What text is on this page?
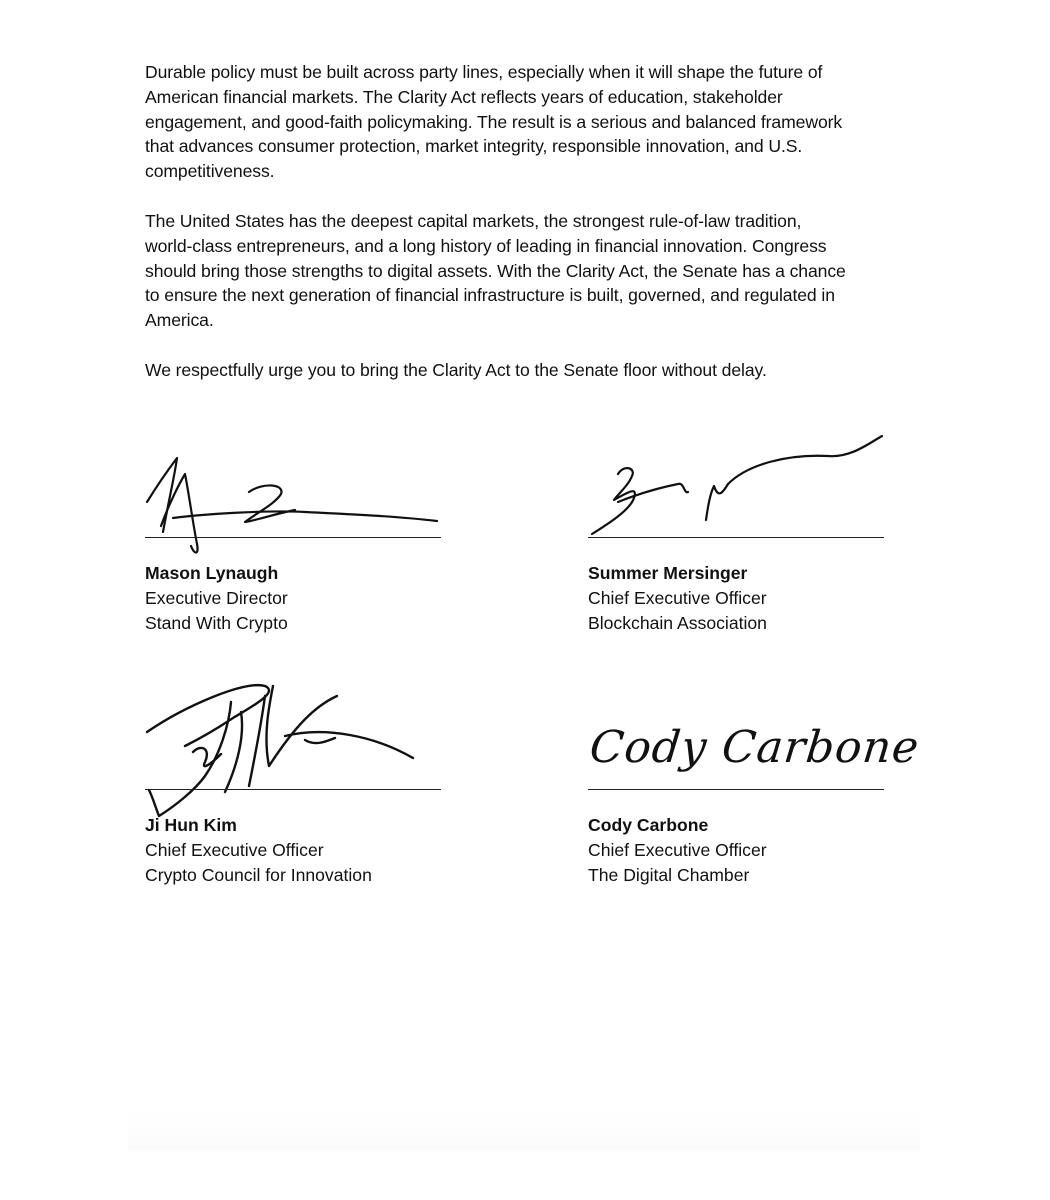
Durable policy must be built across party lines, especially when it will shape the future of American financial markets. The Clarity Act reflects years of education, stakeholder engagement, and good-faith policymaking. The result is a serious and balanced framework that advances consumer protection, market integrity, responsible innovation, and U.S. competitiveness.

The United States has the deepest capital markets, the strongest rule-of-law tradition, world-class entrepreneurs, and a long history of leading in financial innovation. Congress should bring those strengths to digital assets. With the Clarity Act, the Senate has a chance to ensure the next generation of financial infrastructure is built, governed, and regulated in America.

We respectfully urge you to bring the Clarity Act to the Senate floor without delay.

Mason Lynaugh

Executive Director

Stand With Crypto

Summer Mersinger

Chief Executive Officer

Blockchain Association

Ji Hun Kim

Chief Executive Officer

Crypto Council for Innovation

Cody Carbone

Cody Carbone

Chief Executive Officer

The Digital Chamber
